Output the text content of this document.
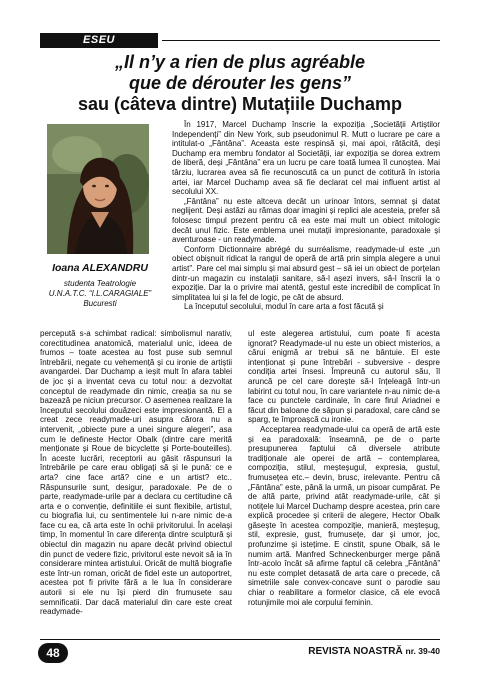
ESEU
„Il n’y a rien de plus agréable
que de dérouter les gens”
sau (câteva dintre) Mutațiile Duchamp
Ioana ALEXANDRU
studenta Teatrologie
U.N.A.T.C. “I.L.CARAGIALE”
Bucuresti

În 1917, Marcel Duchamp înscrie la expoziția „Societății Artiștilor Independenți” din New York, sub pseudonimul R. Mutt o lucrare pe care a intitulat-o „Fântâna”. Aceasta este respinsă și, mai apoi, rătăcită, deși Duchamp era membru fondator al Societății, iar expoziția se dorea extrem de liberă, deși „Fântâna” era un lucru pe care toată lumea îl cunoștea. Mai târziu, lucrarea avea să fie recunoscută ca un punct de cotitură în istoria artei, iar Marcel Duchamp avea să fie declarat cel mai influent artist al secolului XX.

„Fântâna” nu este altceva decât un urinoar întors, semnat și datat neglijent. Deși astăzi au rămas doar imagini și replici ale acesteia, prefer să folosesc timpul prezent pentru că ea este mai mult un obiect mitologic decât unul fizic. Este emblema unei mutații impresionante, paradoxale și aventuroase - un readymade.

Conform Dictionnaire abrégé du surréalisme, readymade-ul este „un obiect obișnuit ridicat la rangul de operă de artă prin simpla alegere a unui artist”. Pare cel mai simplu și mai absurd gest – să iei un obiect de porțelan dintr-un magazin cu instalații sanitare, să-l așezi invers, să-l înscrii la o expoziție. Dar la o privire mai atentă, gestul este incredibil de complicat în simplitatea lui și la fel de logic, pe cât de absurd.

La începutul secolului, modul în care arta a fost făcută și

percepută s-a schimbat radical: simbolismul narativ, corectitudinea anatomică, materialul unic, ideea de frumos – toate acestea au fost puse sub semnul întrebării, negate cu vehemență și cu ironie de artiștii avangardei. Dar Duchamp a ieșit mult în afara tablei de joc și a inventat ceva cu totul nou: a dezvoltat conceptul de readymade din nimic, creația sa nu se bazează pe niciun precursor. O asemenea realizare la începutul secolului douăzeci este impresionantă. El a creat zece readymade-uri asupra cărora nu a intervenit, „obiecte pure a unei singure alegeri”, asa cum le defineste Hector Obalk (dintre care merită menționate și Roue de bicyclette și Porte-bouteilles). În aceste lucrări, receptorii au găsit răspunsuri la întrebările pe care erau obligați să și le pună: ce e arta? cine face artă? cine e un artist? etc.. Răspunsurile sunt, desigur, paradoxale. Pe de o parte, readymade-urile par a declara cu certitudine că arta e o convenție, definitiile ei sunt flexibile, artistul, cu biografia lui, cu sentimentele lui n-are nimic de-a face cu ea, că arta este în ochii privitorului. În același timp, în momentul în care diferența dintre sculptură și obiectul din magazin nu apare decât privind obiectul din punct de vedere fizic, privitorul este nevoit să ia în considerare mintea artistului. Oricât de multă biografie este într-un roman, oricât de fidel este un autoportret, acestea pot fi privite fără a le lua în considerare autorii si ele nu își pierd din frumusete sau semnificatii. Dar dacă materialul din care este creat readymade-

ul este alegerea artistului, cum poate fi acesta ignorat? Readymade-ul nu este un obiect misterios, a cărui enigmă ar trebui să ne bântuie. El este intenționat și pune întrebări - subversive - despre condiția artei însesi. Împreună cu autorul său, îl aruncă pe cel care dorește să-l înțeleagă într-un labirint cu totul nou, în care variantele n-au nimic de-a face cu punctele cardinale, în care firul Ariadnei e făcut din baloane de săpun și paradoxal, care când se sparg, te împroașcă cu ironie.

Acceptarea readymade-ului ca operă de artă este și ea paradoxală: înseamnă, pe de o parte presupunerea faptului că diversele atribute tradiționale ale operei de artă – contemplarea, compoziția, stilul, meșteșugul, expresia, gustul, frumusețea etc.– devin, brusc, irelevante. Pentru că „Fântâna” este, până la urmă, un pisoar cumpărat. Pe de altă parte, privind atât readymade-urile, cât și notițele lui Marcel Duchamp despre acestea, prin care explică procedee și criterii de alegere, Hector Obalk găsește în acestea compoziție, manieră, meșteșug, stil, expresie, gust, frumusețe, dar și umor, joc, profunzime și istețime. E cinstit, spune Obalk, să le numim artă. Manfred Schneckenburger merge până într-acolo încât să afirme faptul că celebra „Fântână” nu este complet detasată de arta care o precede, că simetriile sale convex-concave sunt o parodie sau chiar o reabilitare a formelor clasice, că ele evocă rotunjimile moi ale corpului feminin.

48	REVISTA NOASTRĂ nr. 39-40
